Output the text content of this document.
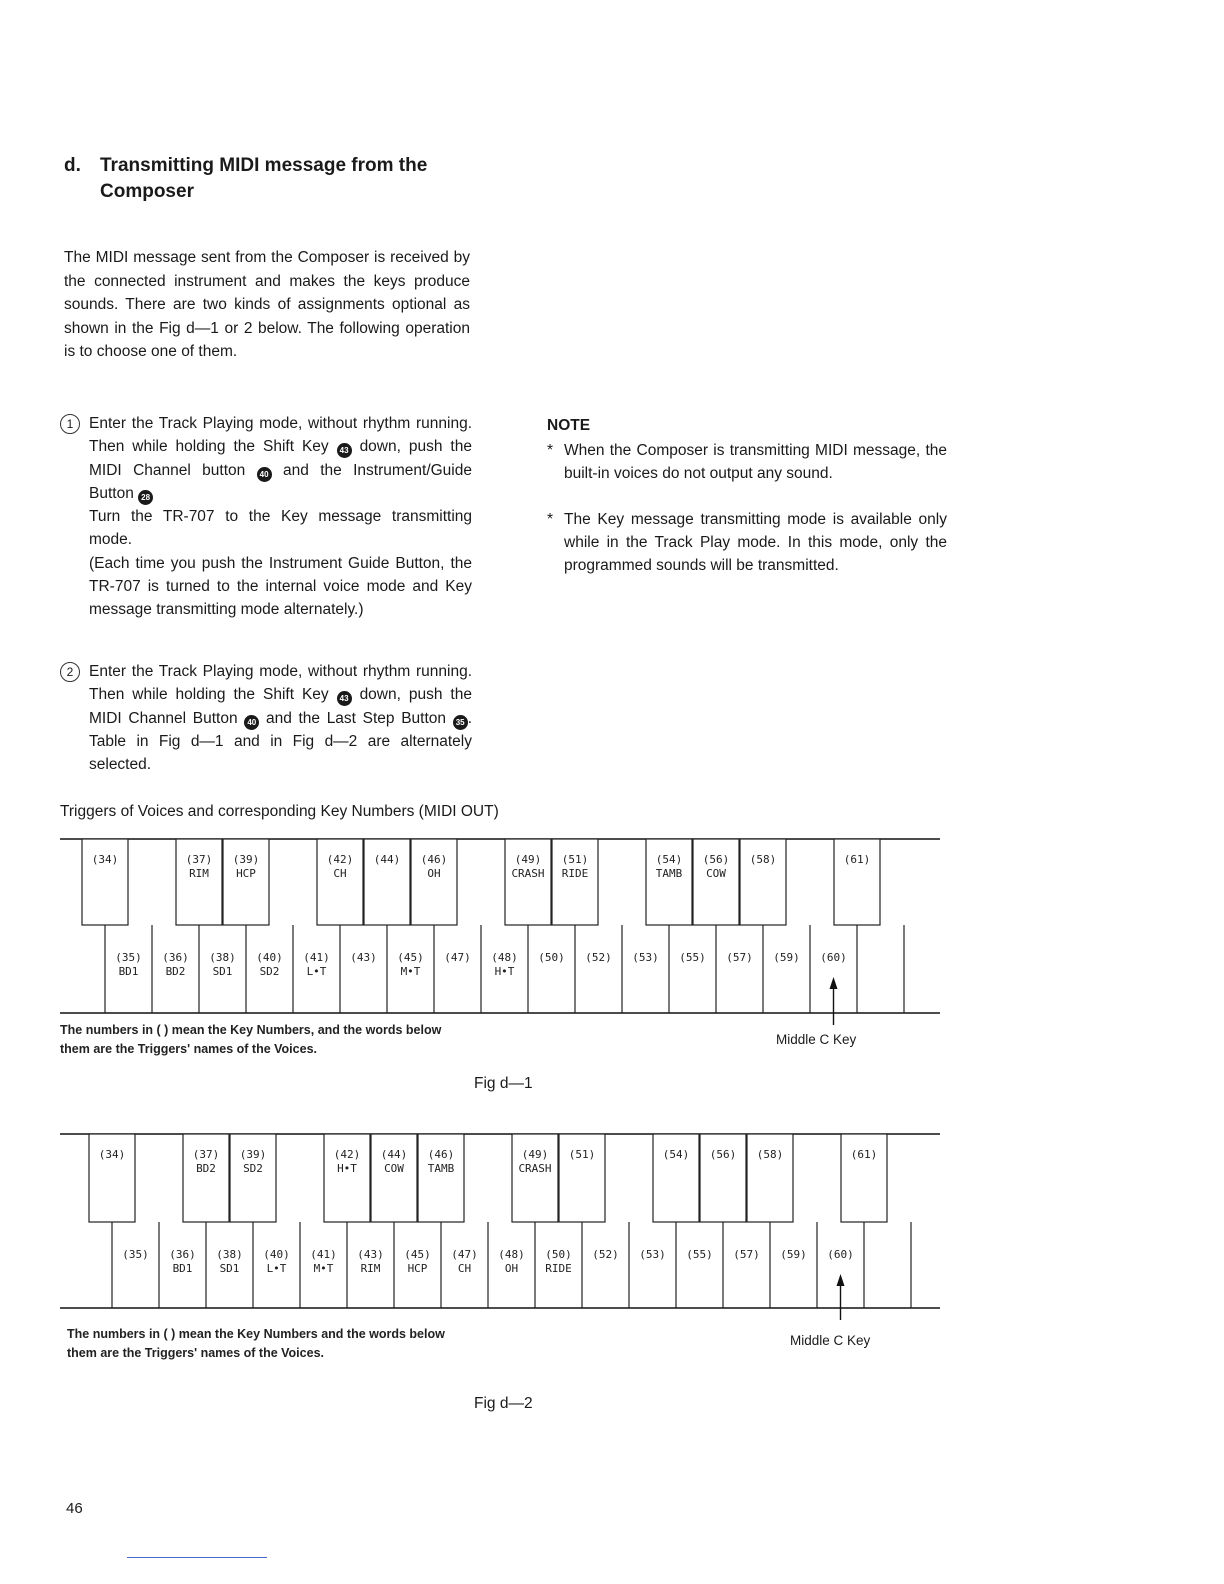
d.	Transmitting MIDI message from the Composer

The MIDI message sent from the Composer is received by the connected instrument and makes the keys produce sounds. There are two kinds of assignments optional as shown in the Fig d—1 or 2 below. The following operation is to choose one of them.

1	Enter the Track Playing mode, without rhythm running. Then while holding the Shift Key 43 down, push the MIDI Channel button 40 and the Instrument/Guide Button 28

Turn the TR-707 to the Key message transmitting mode.

(Each time you push the Instrument Guide Button, the TR-707 is turned to the internal voice mode and Key message transmitting mode alternately.)

2	Enter the Track Playing mode, without rhythm running. Then while holding the Shift Key 43 down, push the MIDI Channel Button 40 and the Last Step Button 35 . Table in Fig d—1 and in Fig d—2 are alternately selected.

NOTE
* When the Composer is transmitting MIDI message, the built-in voices do not output any sound.
* The Key message transmitting mode is available only while in the Track Play mode. In this mode, only the programmed sounds will be transmitted.
Triggers of Voices and corresponding Key Numbers (MIDI OUT)
(35)
BD1
(36)
BD2
(38)
SD1
(40)
SD2
(41)
L•T
(43) (45)
M•T
(47) (48)
H•T
(50) (52) (53) (55) (57) (59) (60)
(34)	(37)
RIM
(39)
HCP
(42)
CH
(44) (46)
OH
(49)
CRASH
(51)
RIDE
(54)
TAMB
(56)
COW
(58)	(61)
The numbers in ( ) mean the Key Numbers, and the words below
them are the Triggers' names of the Voices.
Middle C Key
Fig d—1
(35) (36)
BD1
(38)
SD1
(40)
L•T
(41)
M•T
(43)
RIM
(45)
HCP
(47)
CH
(48)
OH
(50)
RIDE
(52) (53) (55) (57) (59) (60)
(34)	(37)
BD2
(39)
SD2
(42)
H•T
(44)
COW
(46)
TAMB
(49)
CRASH
(51)	(54) (56) (58)	(61)
The numbers in ( ) mean the Key Numbers and the words below
them are the Triggers' names of the Voices.
Middle C Key
Fig d—2
46
